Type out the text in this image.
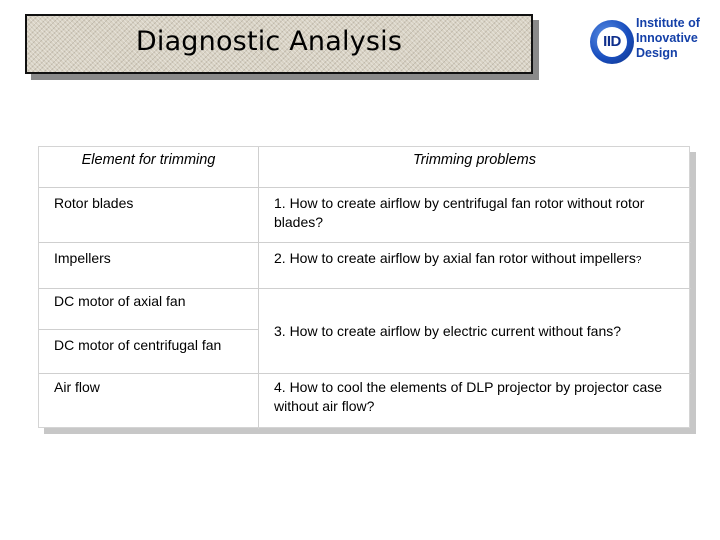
Diagnostic Analysis	IID
Institute of
Innovative
Design
Element for trimming	Trimming problems
Rotor blades
Impellers
DC motor of axial fan
DC motor of centrifugal fan
Air flow
1. How to create airflow by centrifugal fan rotor without rotor blades?
2. How to create airflow by axial fan rotor without impellers?
3. How to create airflow by electric current without fans?
4. How to cool the elements of DLP projector by projector case without air flow?
